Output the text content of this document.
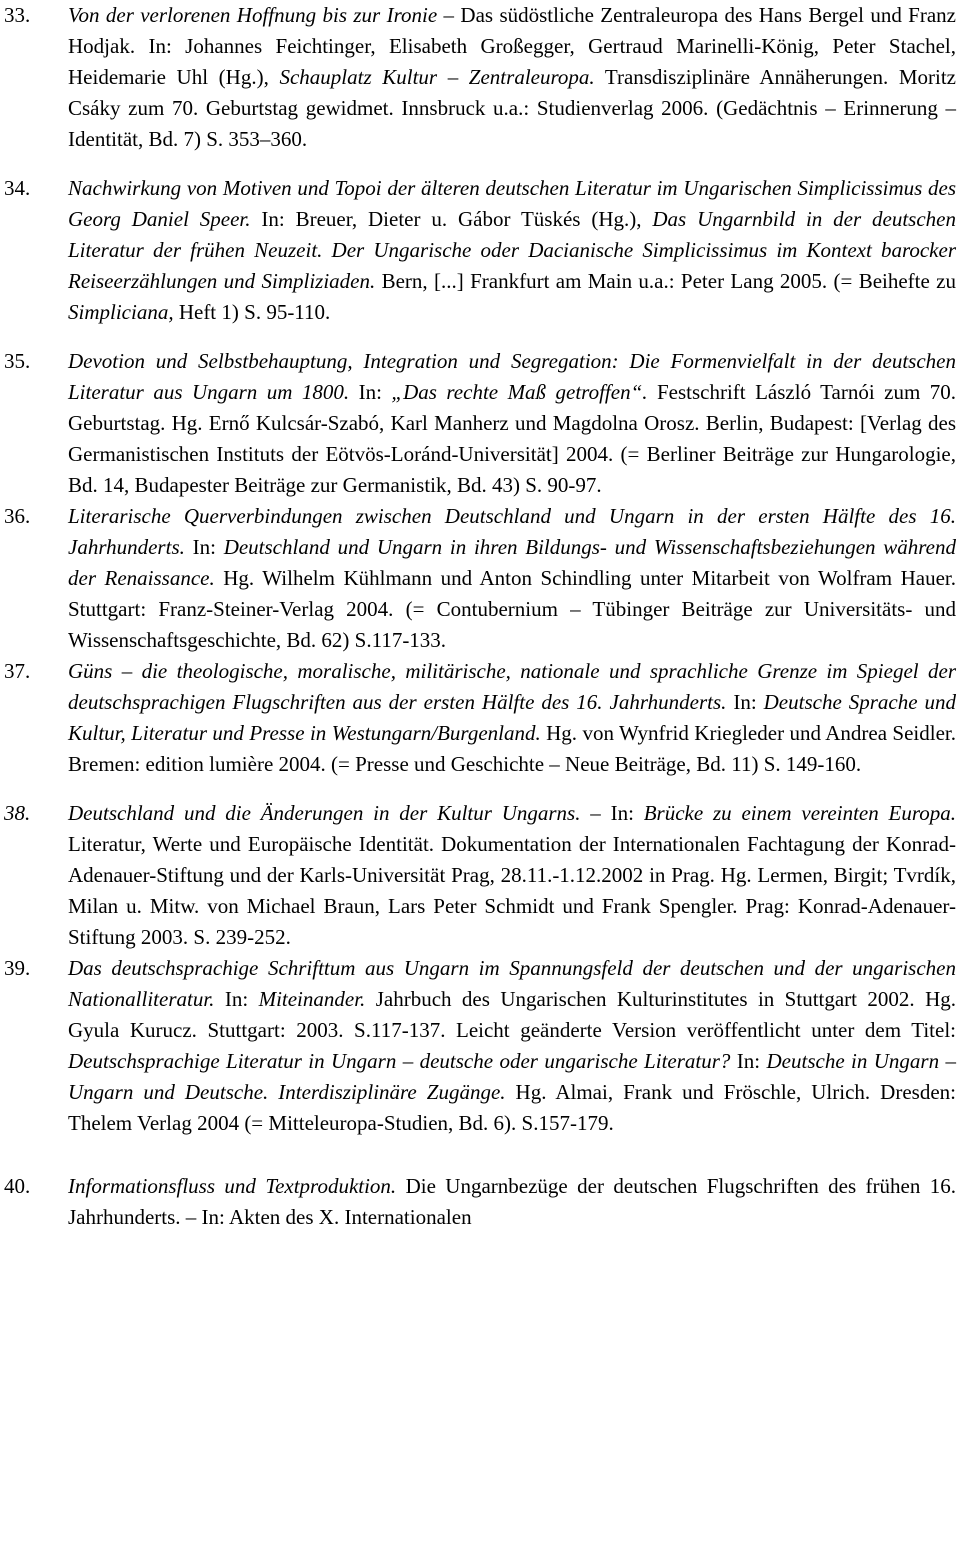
33. Von der verlorenen Hoffnung bis zur Ironie – Das südöstliche Zentraleuropa des Hans Bergel und Franz Hodjak. In: Johannes Feichtinger, Elisabeth Großegger, Gertraud Marinelli-König, Peter Stachel, Heidemarie Uhl (Hg.), Schauplatz Kultur – Zentraleuropa. Transdisziplinäre Annäherungen. Moritz Csáky zum 70. Geburtstag gewidmet. Innsbruck u.a.: Studienverlag 2006. (Gedächtnis – Erinnerung – Identität, Bd. 7) S. 353–360.
34. Nachwirkung von Motiven und Topoi der älteren deutschen Literatur im Ungarischen Simplicissimus des Georg Daniel Speer. In: Breuer, Dieter u. Gábor Tüskés (Hg.), Das Ungarnbild in der deutschen Literatur der frühen Neuzeit. Der Ungarische oder Dacianische Simplicissimus im Kontext barocker Reiseerzählungen und Simpliziaden. Bern, [...] Frankfurt am Main u.a.: Peter Lang 2005. (= Beihefte zu Simpliciana, Heft 1) S. 95-110.
35. Devotion und Selbstbehauptung, Integration und Segregation: Die Formenvielfalt in der deutschen Literatur aus Ungarn um 1800. In: „Das rechte Maß getroffen“. Festschrift László Tarnói zum 70. Geburtstag. Hg. Ernő Kulcsár-Szabó, Karl Manherz und Magdolna Orosz. Berlin, Budapest: [Verlag des Germanistischen Instituts der Eötvös-Loránd-Universität] 2004. (= Berliner Beiträge zur Hungarologie, Bd. 14, Budapester Beiträge zur Germanistik, Bd. 43) S. 90-97.
36. Literarische Querverbindungen zwischen Deutschland und Ungarn in der ersten Hälfte des 16. Jahrhunderts. In: Deutschland und Ungarn in ihren Bildungs- und Wissenschaftsbeziehungen während der Renaissance. Hg. Wilhelm Kühlmann und Anton Schindling unter Mitarbeit von Wolfram Hauer. Stuttgart: Franz-Steiner-Verlag 2004. (= Contubernium – Tübinger Beiträge zur Universitäts- und Wissenschaftsgeschichte, Bd. 62) S.117-133.
37. Güns – die theologische, moralische, militärische, nationale und sprachliche Grenze im Spiegel der deutschsprachigen Flugschriften aus der ersten Hälfte des 16. Jahrhunderts. In: Deutsche Sprache und Kultur, Literatur und Presse in Westungarn/Burgenland. Hg. von Wynfrid Kriegleder und Andrea Seidler. Bremen: edition lumière 2004. (= Presse und Geschichte – Neue Beiträge, Bd. 11) S. 149-160.
38. Deutschland und die Änderungen in der Kultur Ungarns. – In: Brücke zu einem vereinten Europa. Literatur, Werte und Europäische Identität. Dokumentation der Internationalen Fachtagung der Konrad-Adenauer-Stiftung und der Karls-Universität Prag, 28.11.-1.12.2002 in Prag. Hg. Lermen, Birgit; Tvrdík, Milan u. Mitw. von Michael Braun, Lars Peter Schmidt und Frank Spengler. Prag: Konrad-Adenauer-Stiftung 2003. S. 239-252.
39. Das deutschsprachige Schrifttum aus Ungarn im Spannungsfeld der deutschen und der ungarischen Nationalliteratur. In: Miteinander. Jahrbuch des Ungarischen Kulturinstitutes in Stuttgart 2002. Hg. Gyula Kurucz. Stuttgart: 2003. S.117-137. Leicht geänderte Version veröffentlicht unter dem Titel: Deutschsprachige Literatur in Ungarn – deutsche oder ungarische Literatur? In: Deutsche in Ungarn – Ungarn und Deutsche. Interdisziplinäre Zugänge. Hg. Almai, Frank und Fröschle, Ulrich. Dresden: Thelem Verlag 2004 (= Mitteleuropa-Studien, Bd. 6). S.157-179.
40. Informationsfluss und Textproduktion. Die Ungarnbezüge der deutschen Flugschriften des frühen 16. Jahrhunderts. – In: Akten des X. Internationalen
